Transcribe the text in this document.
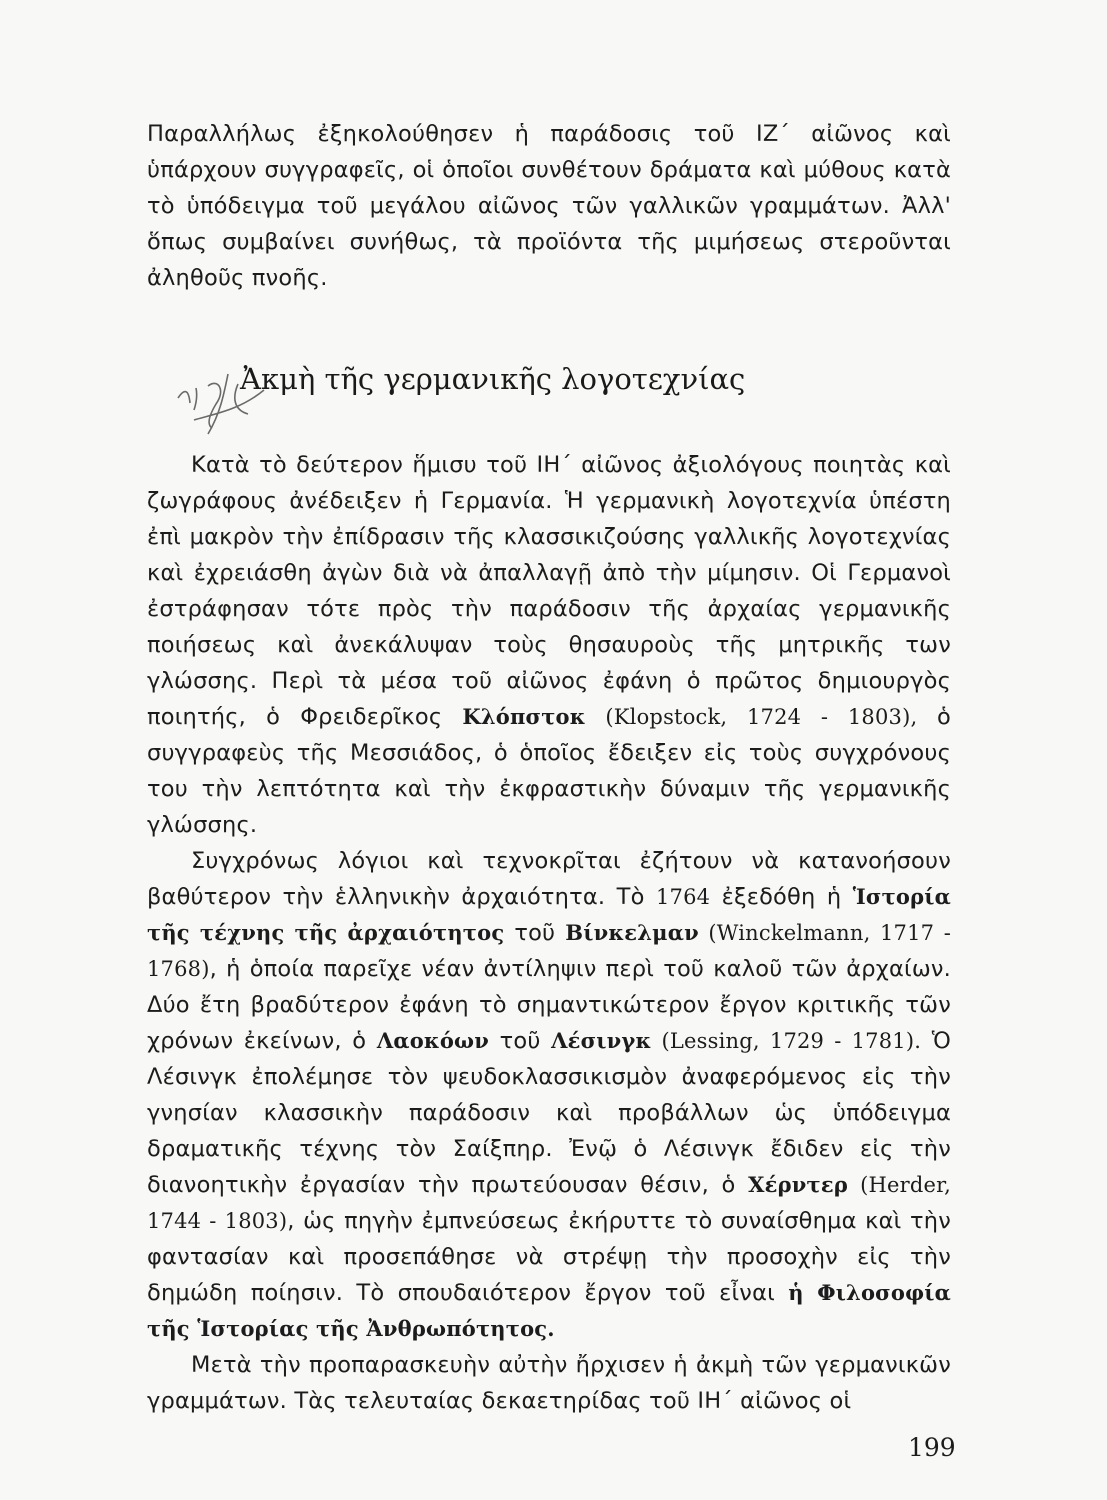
Παραλλήλως ἐξηκολούθησεν ἡ παράδοσις τοῦ ΙΖ΄ αἰῶνος καὶ ὑπάρχουν συγγραφεῖς, οἱ ὁποῖοι συνθέτουν δράματα καὶ μύθους κατὰ τὸ ὑπόδειγμα τοῦ μεγάλου αἰῶνος τῶν γαλλικῶν γραμμάτων. Ἀλλ' ὅπως συμβαίνει συνήθως, τὰ προϊόντα τῆς μιμήσεως στεροῦνται ἀληθοῦς πνοῆς.

Ἀκμὴ τῆς γερμανικῆς λογοτεχνίας

Κατὰ τὸ δεύτερον ἥμισυ τοῦ ΙΗ΄ αἰῶνος ἀξιολόγους ποιητὰς καὶ ζωγράφους ἀνέδειξεν ἡ Γερμανία. Ἡ γερμανικὴ λογοτεχνία ὑπέστη ἐπὶ μακρὸν τὴν ἐπίδρασιν τῆς κλασσικιζούσης γαλλικῆς λογοτεχνίας καὶ ἐχρειάσθη ἀγὼν διὰ νὰ ἀπαλλαγῇ ἀπὸ τὴν μίμησιν. Οἱ Γερμανοὶ ἐστράφησαν τότε πρὸς τὴν παράδοσιν τῆς ἀρχαίας γερμανικῆς ποιήσεως καὶ ἀνεκάλυψαν τοὺς θησαυροὺς τῆς μητρικῆς των γλώσσης. Περὶ τὰ μέσα τοῦ αἰῶνος ἐφάνη ὁ πρῶτος δημιουργὸς ποιητής, ὁ Φρειδερῖκος Κλόπστοκ (Klopstock, 1724 - 1803), ὁ συγγραφεὺς τῆς Μεσσιάδος, ὁ ὁποῖος ἔδειξεν εἰς τοὺς συγχρόνους του τὴν λεπτότητα καὶ τὴν ἐκφραστικὴν δύναμιν τῆς γερμανικῆς γλώσσης.

Συγχρόνως λόγιοι καὶ τεχνοκρῖται ἐζήτουν νὰ κατανοήσουν βαθύτερον τὴν ἑλληνικὴν ἀρχαιότητα. Τὸ 1764 ἐξεδόθη ἡ Ἱστορία τῆς τέχνης τῆς ἀρχαιότητος τοῦ Βίνκελμαν (Winckelmann, 1717 - 1768), ἡ ὁποία παρεῖχε νέαν ἀντίληψιν περὶ τοῦ καλοῦ τῶν ἀρχαίων. Δύο ἔτη βραδύτερον ἐφάνη τὸ σημαντικώτερον ἔργον κριτικῆς τῶν χρόνων ἐκείνων, ὁ Λαοκόων τοῦ Λέσινγκ (Lessing, 1729 - 1781). Ὁ Λέσινγκ ἐπολέμησε τὸν ψευδοκλασσικισμὸν ἀναφερόμενος εἰς τὴν γνησίαν κλασσικὴν παράδοσιν καὶ προβάλλων ὡς ὑπόδειγμα δραματικῆς τέχνης τὸν Σαίξπηρ. Ἐνῷ ὁ Λέσινγκ ἔδιδεν εἰς τὴν διανοητικὴν ἐργασίαν τὴν πρωτεύουσαν θέσιν, ὁ Χέρντερ (Herder, 1744 - 1803), ὡς πηγὴν ἐμπνεύσεως ἐκήρυττε τὸ συναίσθημα καὶ τὴν φαντασίαν καὶ προσεπάθησε νὰ στρέψῃ τὴν προσοχὴν εἰς τὴν δημώδη ποίησιν. Τὸ σπουδαιότερον ἔργον τοῦ εἶναι ἡ Φιλοσοφία τῆς Ἱστορίας τῆς Ἀνθρωπότητος.

Μετὰ τὴν προπαρασκευὴν αὐτὴν ἤρχισεν ἡ ἀκμὴ τῶν γερμανικῶν γραμμάτων. Τὰς τελευταίας δεκαετηρίδας τοῦ ΙΗ΄ αἰῶνος οἱ

199
